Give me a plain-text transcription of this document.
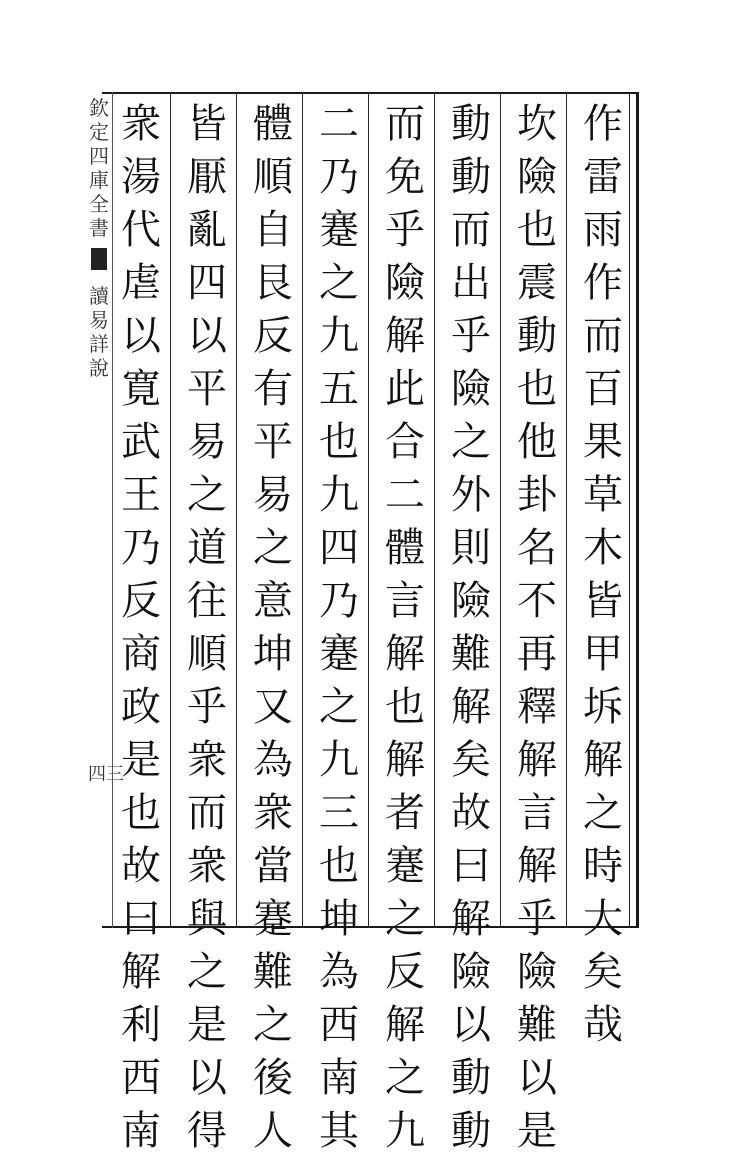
作
雷
雨
作
而
百
果
草
木
皆
甲
坼
解
之
時
大
矣
哉
坎
險
也
震
動
也
他
卦
名
不
再
釋
解
言
解
乎
險
難
以
是
動
動
而
出
乎
險
之
外
則
險
難
解
矣
故
曰
解
險
以
動
動
而
免
乎
險
解
此
合
二
體
言
解
也
解
者
蹇
之
反
解
之
九
二
乃
蹇
之
九
五
也
九
四
乃
蹇
之
九
三
也
坤
為
西
南
其
體
順
自
艮
反
有
平
易
之
意
坤
又
為
衆
當
蹇
難
之
後
人
皆
厭
亂
四
以
平
易
之
道
往
順
乎
衆
而
衆
與
之
是
以
得
衆
湯
代
虐
以
寛
武
王
乃
反
商
政
是
也
故
曰
解
利
西
南
欽
定
四
庫
全
書
讀
易
詳
說
四三
